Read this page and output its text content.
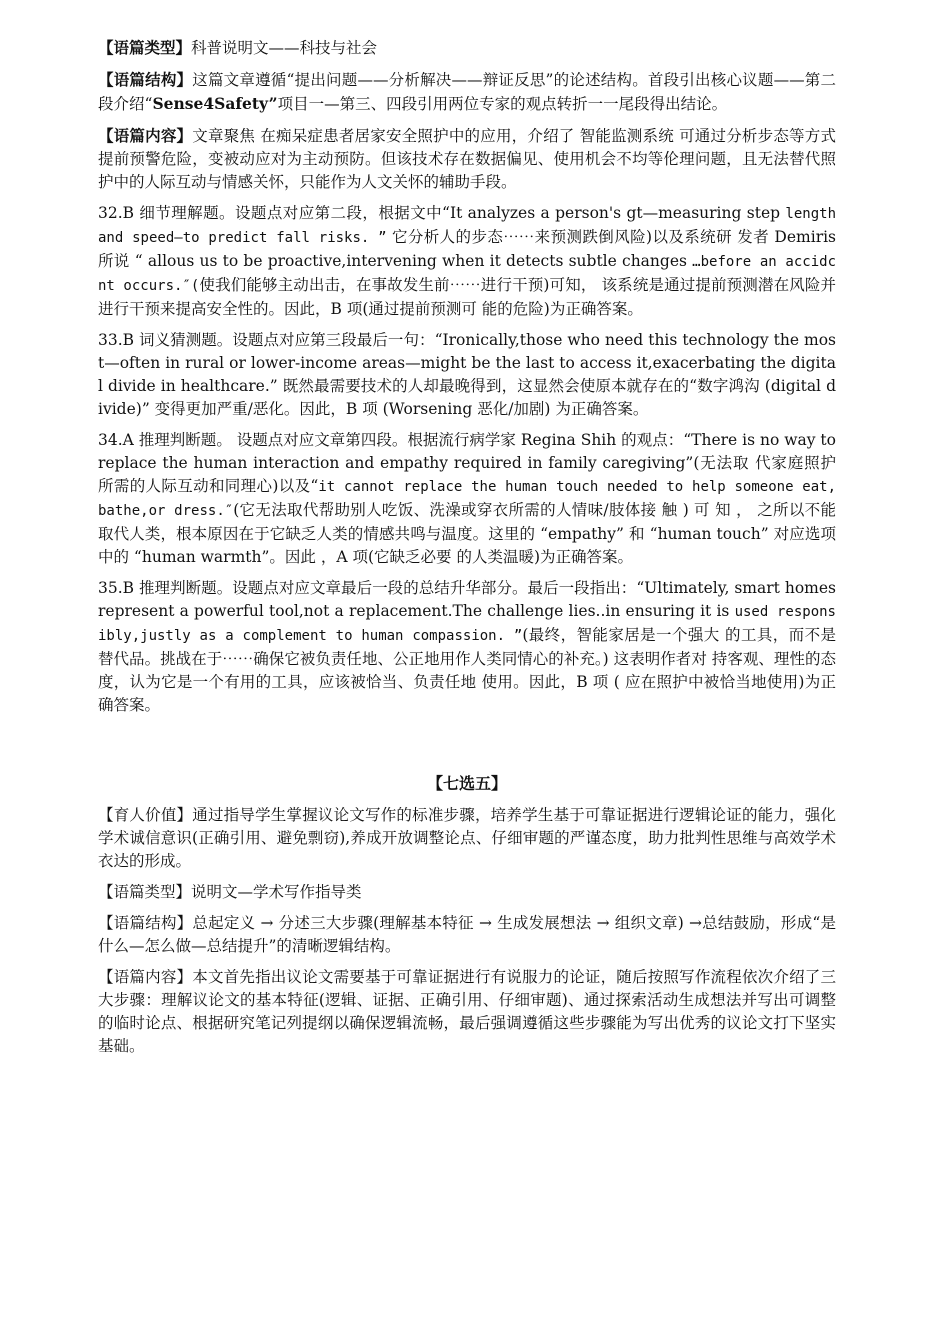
【语篇类型】科普说明文——科技与社会

【语篇结构】这篇文章遵循“提出问题——分析解决——辩证反思”的论述结构。首段引出核心议题——第二段介绍“Sense4Safety”项目一—第三、四段引用两位专家的观点转折一一尾段得出结论。

【语篇内容】文章聚焦 在痴呆症患者居家安全照护中的应用，介绍了 智能监测系统 可通过分析步态等方式提前预警危险，变被动应对为主动预防。但该技术存在数据偏见、使用机会不均等伦理问题，且无法替代照护中的人际互动与情感关怀，只能作为人文关怀的辅助手段。

32.B 细节理解题。设题点对应第二段，根据文中“It analyzes a person's gt—measuring step length and speed—to predict fall risks. ” 它分析人的步态⋯⋯来预测跌倒风险)以及系统研 发者 Demiris 所说 “ allous us to be proactive,intervening when it detects subtle changes …before an accidcnt occurs.″(使我们能够主动出击，在事故发生前⋯⋯进行干预)可知， 该系统是通过提前预测潜在风险并进行干预来提高安全性的。因此，B 项(通过提前预测可 能的危险)为正确答案。

33.B 词义猜测题。设题点对应第三段最后一句：“Ironically,those who need this technology the most—often in rural or lower-income areas—might be the last to access it,exacerbating the digital divide in healthcare.” 既然最需要技术的人却最晚得到，这显然会使原本就存在的“数字鸿沟 (digital divide)” 变得更加严重/恶化。因此，B 项 (Worsening 恶化/加剧) 为正确答案。

34.A 推理判断题。 设题点对应文章第四段。根据流行病学家 Regina Shih 的观点：“There is no way to replace the human interaction and empathy required in family caregiving”(无法取 代家庭照护所需的人际互动和同理心)以及“it cannot replace the human touch needed to help someone eat,bathe,or dress.″(它无法取代帮助别人吃饭、洗澡或穿衣所需的人情味/肢体接 触 ) 可 知 ， 之所以不能取代人类，根本原因在于它缺乏人类的情感共鸣与温度。这里的 “empathy” 和 “human touch” 对应选项中的 “human warmth”。因此 ，A 项(它缺乏必要 的人类温暖)为正确答案。

35.B 推理判断题。设题点对应文章最后一段的总结升华部分。最后一段指出：“Ultimately, smart homes represent a powerful tool,not a replacement.The challenge lies..in ensuring it is used responsibly,justly as a complement to human compassion. ”(最终，智能家居是一个强大 的工具，而不是替代品。挑战在于⋯⋯确保它被负责任地、公正地用作人类同情心的补充。) 这表明作者对 持客观、理性的态度，认为它是一个有用的工具，应该被恰当、负责任地 使用。因此，B 项 ( 应在照护中被恰当地使用)为正确答案。

【七选五】

【育人价值】通过指导学生掌握议论文写作的标准步骤，培养学生基于可靠证据进行逻辑论证的能力，强化学术诚信意识(正确引用、避免剽窃),养成开放调整论点、仔细审题的严谨态度，助力批判性思维与高效学术衣达的形成。

【语篇类型】说明文—学术写作指导类

【语篇结构】总起定义 → 分述三大步骤(理解基本特征 → 生成发展想法 → 组织文章) →总结鼓励，形成“是什么—怎么做—总结提升”的清晰逻辑结构。

【语篇内容】本文首先指出议论文需要基于可靠证据进行有说服力的论证，随后按照写作流程依次介绍了三大步骤：理解议论文的基本特征(逻辑、证据、正确引用、仔细审题)、通过探索活动生成想法并写出可调整的临时论点、根据研究笔记列提纲以确保逻辑流畅，最后强调遵循这些步骤能为写出优秀的议论文打下坚实基础。
